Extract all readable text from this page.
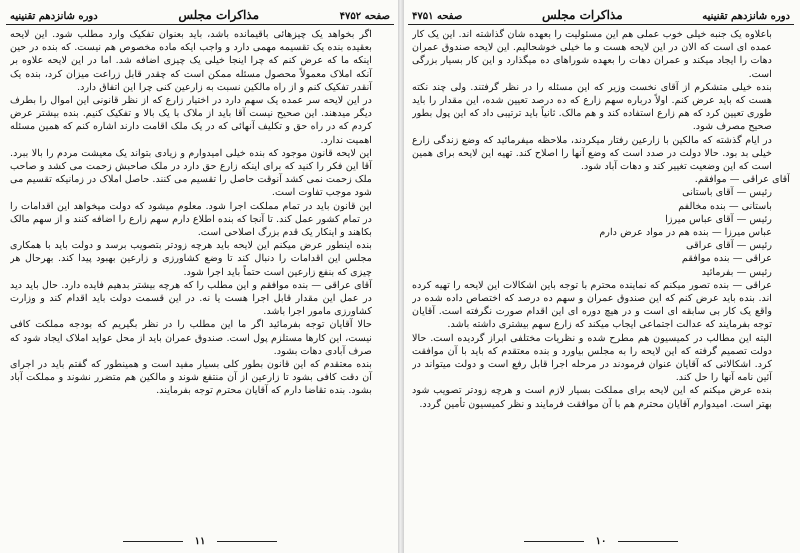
صفحه ۴۷۵۲
مذاکرات مجلس
دوره شانزدهم تقنینیه

اگر بخواهد یک چیزهائی باقیمانده باشد، باید بعنوان تفکیک وارد مطلب شود. این لایحه بعقیده بنده یک تقسیمه مهمی دارد و واجب ایکه ماده مخصوص هم نیست. که بنده در حین اینکه ما که عرض کنم که چرا اینجا خیلی یک چیزی اضافه شد. اما در این لایحه علاوه بر آنکه املاک معمولاً محصول مسئله ممکن است که چقدر قابل زراعت میزان کرد، بنده یک آنقدر تفکیک کنم و از راه مالکین نسبت به زارعین کنی چرا این اتفاق دارد.

در این لایحه سر عمده یک سهم دارد در اختیار زارع که از نظر قانونی این اموال را بطرف دیگر میدهند. این صحیح نیست آقا باید از ملاک با یک بالا و تفکیک کنیم. بنده بیشتر عرض کردم که در راه حق و تکلیف آنهائی که در یک ملک اقامت دارند اشاره کنم که همین مسئله اهمیت ندارد.

این لایحه قانون موجود که بنده خیلی امیدوارم و زیادی بتواند یک معیشت مردم را بالا ببرد. آقا این فکر را کنید که برای اینکه زارع حق دارد در ملک صاحبش زحمت می کشد و صاحب ملک زحمت نمی کشد آنوقت حاصل را تقسیم می کنند. حاصل املاک در زمانیکه تقسیم می شود موجب تفاوت است.

این قانون باید در تمام مملکت اجرا شود. معلوم میشود که دولت میخواهد این اقدامات را در تمام کشور عمل کند. تا آنجا که بنده اطلاع دارم سهم زارع را اضافه کنند و از سهم مالک بکاهند و اینکار یک قدم بزرگ اصلاحی است.

بنده اینطور عرض میکنم این لایحه باید هرچه زودتر بتصویب برسد و دولت باید با همکاری مجلس این اقدامات را دنبال کند تا وضع کشاورزی و زارعین بهبود پیدا کند. بهرحال هر چیزی که بنفع زارعین است حتماً باید اجرا شود.

آقای عراقی — بنده موافقم و این مطلب را که هرچه بیشتر بدهیم فایده دارد. حال باید دید در عمل این مقدار قابل اجرا هست یا نه. در این قسمت دولت باید اقدام کند و وزارت کشاورزی مامور اجرا باشد.

حالا آقایان توجه بفرمائید اگر ما این مطلب را در نظر بگیریم که بودجه مملکت کافی نیست، این کارها مستلزم پول است. صندوق عمران باید از محل عواید املاک ایجاد شود که صرف آبادی دهات بشود.

بنده معتقدم که این قانون بطور کلی بسیار مفید است و همینطور که گفتم باید در اجرای آن دقت کافی بشود تا زارعین از آن منتفع شوند و مالکین هم متضرر نشوند و مملکت آباد بشود. بنده تقاضا دارم که آقایان محترم توجه بفرمایند.

۱۱
دوره شانزدهم تقنینیه
مذاکرات مجلس
صفحه ۴۷۵۱

باعلاوه یک جنبه خیلی خوب عملی هم این مسئولیت را بعهده شان گذاشته اند. این یک کار عمده ای است که الان در این لایحه هست و ما خیلی خوشحالیم. این لایحه صندوق عمران دهات را ایجاد میکند و عمران دهات را بعهده شوراهای ده میگذارد و این کار بسیار بزرگی است.

بنده خیلی متشکرم از آقای نخست وزیر که این مسئله را در نظر گرفتند. ولی چند نکته هست که باید عرض کنم. اولاً درباره سهم زارع که ده درصد تعیین شده، این مقدار را باید طوری تعیین کرد که هم زارع استفاده کند و هم مالک. ثانیاً باید ترتیبی داد که این پول بطور صحیح مصرف شود.

در ایام گذشته که مالکین با زارعین رفتار میکردند، ملاحظه میفرمائید که وضع زندگی زارع خیلی بد بود. حالا دولت در صدد است که وضع آنها را اصلاح کند. تهیه این لایحه برای همین است که این وضعیت تغییر کند و دهات آباد شود.

آقای عراقی — موافقم.

رئیس — آقای باستانی

باستانی — بنده مخالفم

رئیس — آقای عباس میرزا

عباس میرزا — بنده هم در مواد عرض دارم

رئیس — آقای عراقی

عراقی — بنده موافقم

رئیس — بفرمائید

عراقی — بنده تصور میکنم که نماینده محترم با توجه باین اشکالات این لایحه را تهیه کرده اند. بنده باید عرض کنم که این صندوق عمران و سهم ده درصد که اختصاص داده شده در واقع یک کار بی سابقه ای است و در هیچ دوره ای این اقدام صورت نگرفته است. آقایان توجه بفرمایند که عدالت اجتماعی ایجاب میکند که زارع سهم بیشتری داشته باشد.

البته این مطالب در کمیسیون هم مطرح شده و نظریات مختلفی ابراز گردیده است. حالا دولت تصمیم گرفته که این لایحه را به مجلس بیاورد و بنده معتقدم که باید با آن موافقت کرد. اشکالاتی که آقایان عنوان فرمودند در مرحله اجرا قابل رفع است و دولت میتواند در آئین نامه آنها را حل کند.

بنده عرض میکنم که این لایحه برای مملکت بسیار لازم است و هرچه زودتر تصویب شود بهتر است. امیدوارم آقایان محترم هم با آن موافقت فرمایند و نظر کمیسیون تأمین گردد.

۱۰
